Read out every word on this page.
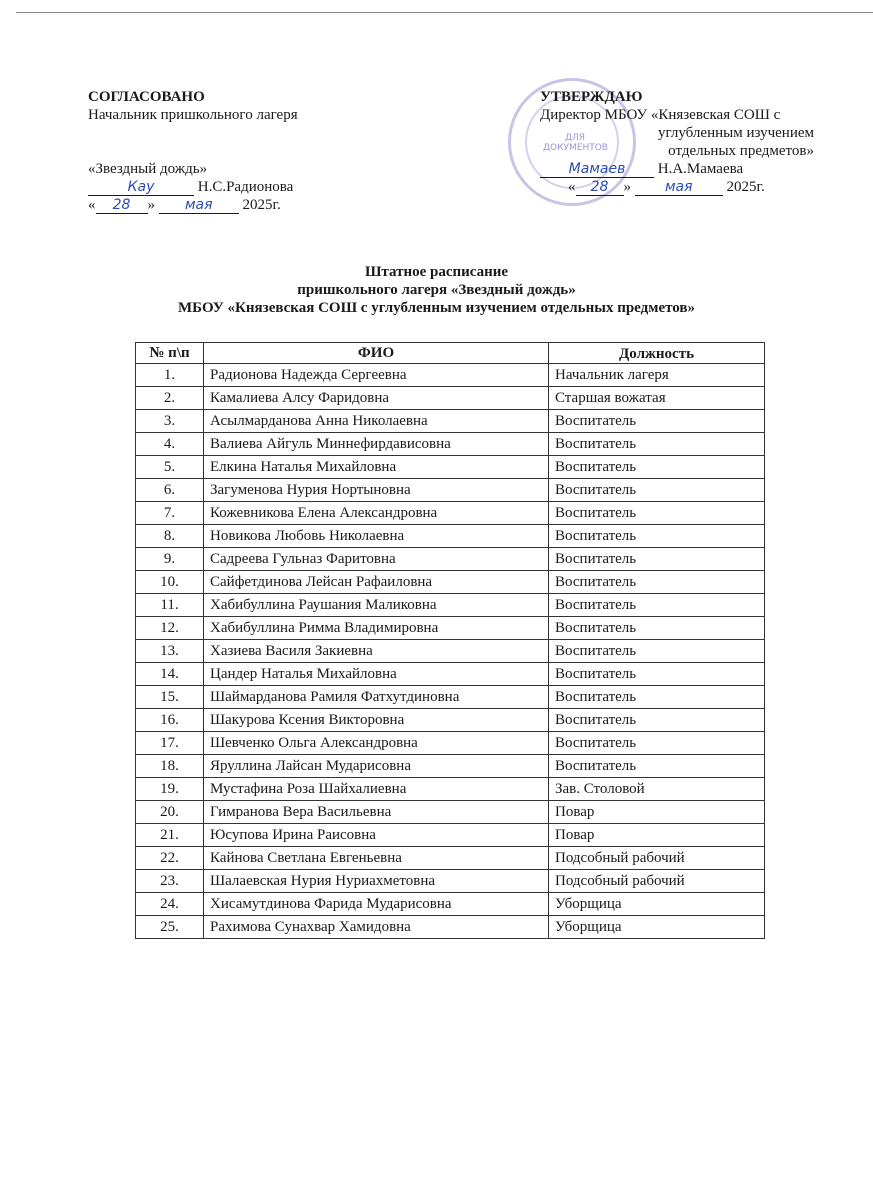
СОГЛАСОВАНО
Начальник пришкольного лагеря
«Звездный дождь»
Кау	Н.С.Радионова
« 28 » мая 2025г.
ДЛЯ ДОКУМЕНТОВ
УТВЕРЖДАЮ
Директор МБОУ «Князевская СОШ с
углубленным изучением
отдельных предметов»
Мамаев Н.А.Мамаева
« 28 » мая 2025г.
Штатное расписание
пришкольного лагеря «Звездный дождь»
МБОУ «Князевская СОШ с углубленным изучением отдельных предметов»
№ п\п	ФИО	Должность
1.	Радионова Надежда Сергеевна	Начальник лагеря
2.	Камалиева Алсу Фаридовна	Старшая вожатая
3.	Асылмарданова Анна Николаевна	Воспитатель
4.	Валиева Айгуль Миннефирдависовна	Воспитатель
5.	Елкина Наталья Михайловна	Воспитатель
6.	Загуменова Нурия Нортыновна	Воспитатель
7.	Кожевникова Елена Александровна	Воспитатель
8.	Новикова Любовь Николаевна	Воспитатель
9.	Садреева Гульназ Фаритовна	Воспитатель
10.	Сайфетдинова Лейсан Рафаиловна	Воспитатель
11.	Хабибуллина Раушания Маликовна	Воспитатель
12.	Хабибуллина Римма Владимировна	Воспитатель
13.	Хазиева Василя Закиевна	Воспитатель
14.	Цандер Наталья Михайловна	Воспитатель
15.	Шаймарданова Рамиля Фатхутдиновна	Воспитатель
16.	Шакурова Ксения Викторовна	Воспитатель
17.	Шевченко Ольга Александровна	Воспитатель
18.	Яруллина Лайсан Мударисовна	Воспитатель
19.	Мустафина Роза Шайхалиевна	Зав. Столовой
20.	Гимранова Вера Васильевна	Повар
21.	Юсупова Ирина Раисовна	Повар
22.	Кайнова Светлана Евгеньевна	Подсобный рабочий
23.	Шалаевская Нурия Нуриахметовна	Подсобный рабочий
24.	Хисамутдинова Фарида Мударисовна	Уборщица
25.	Рахимова Сунахвар Хамидовна	Уборщица
